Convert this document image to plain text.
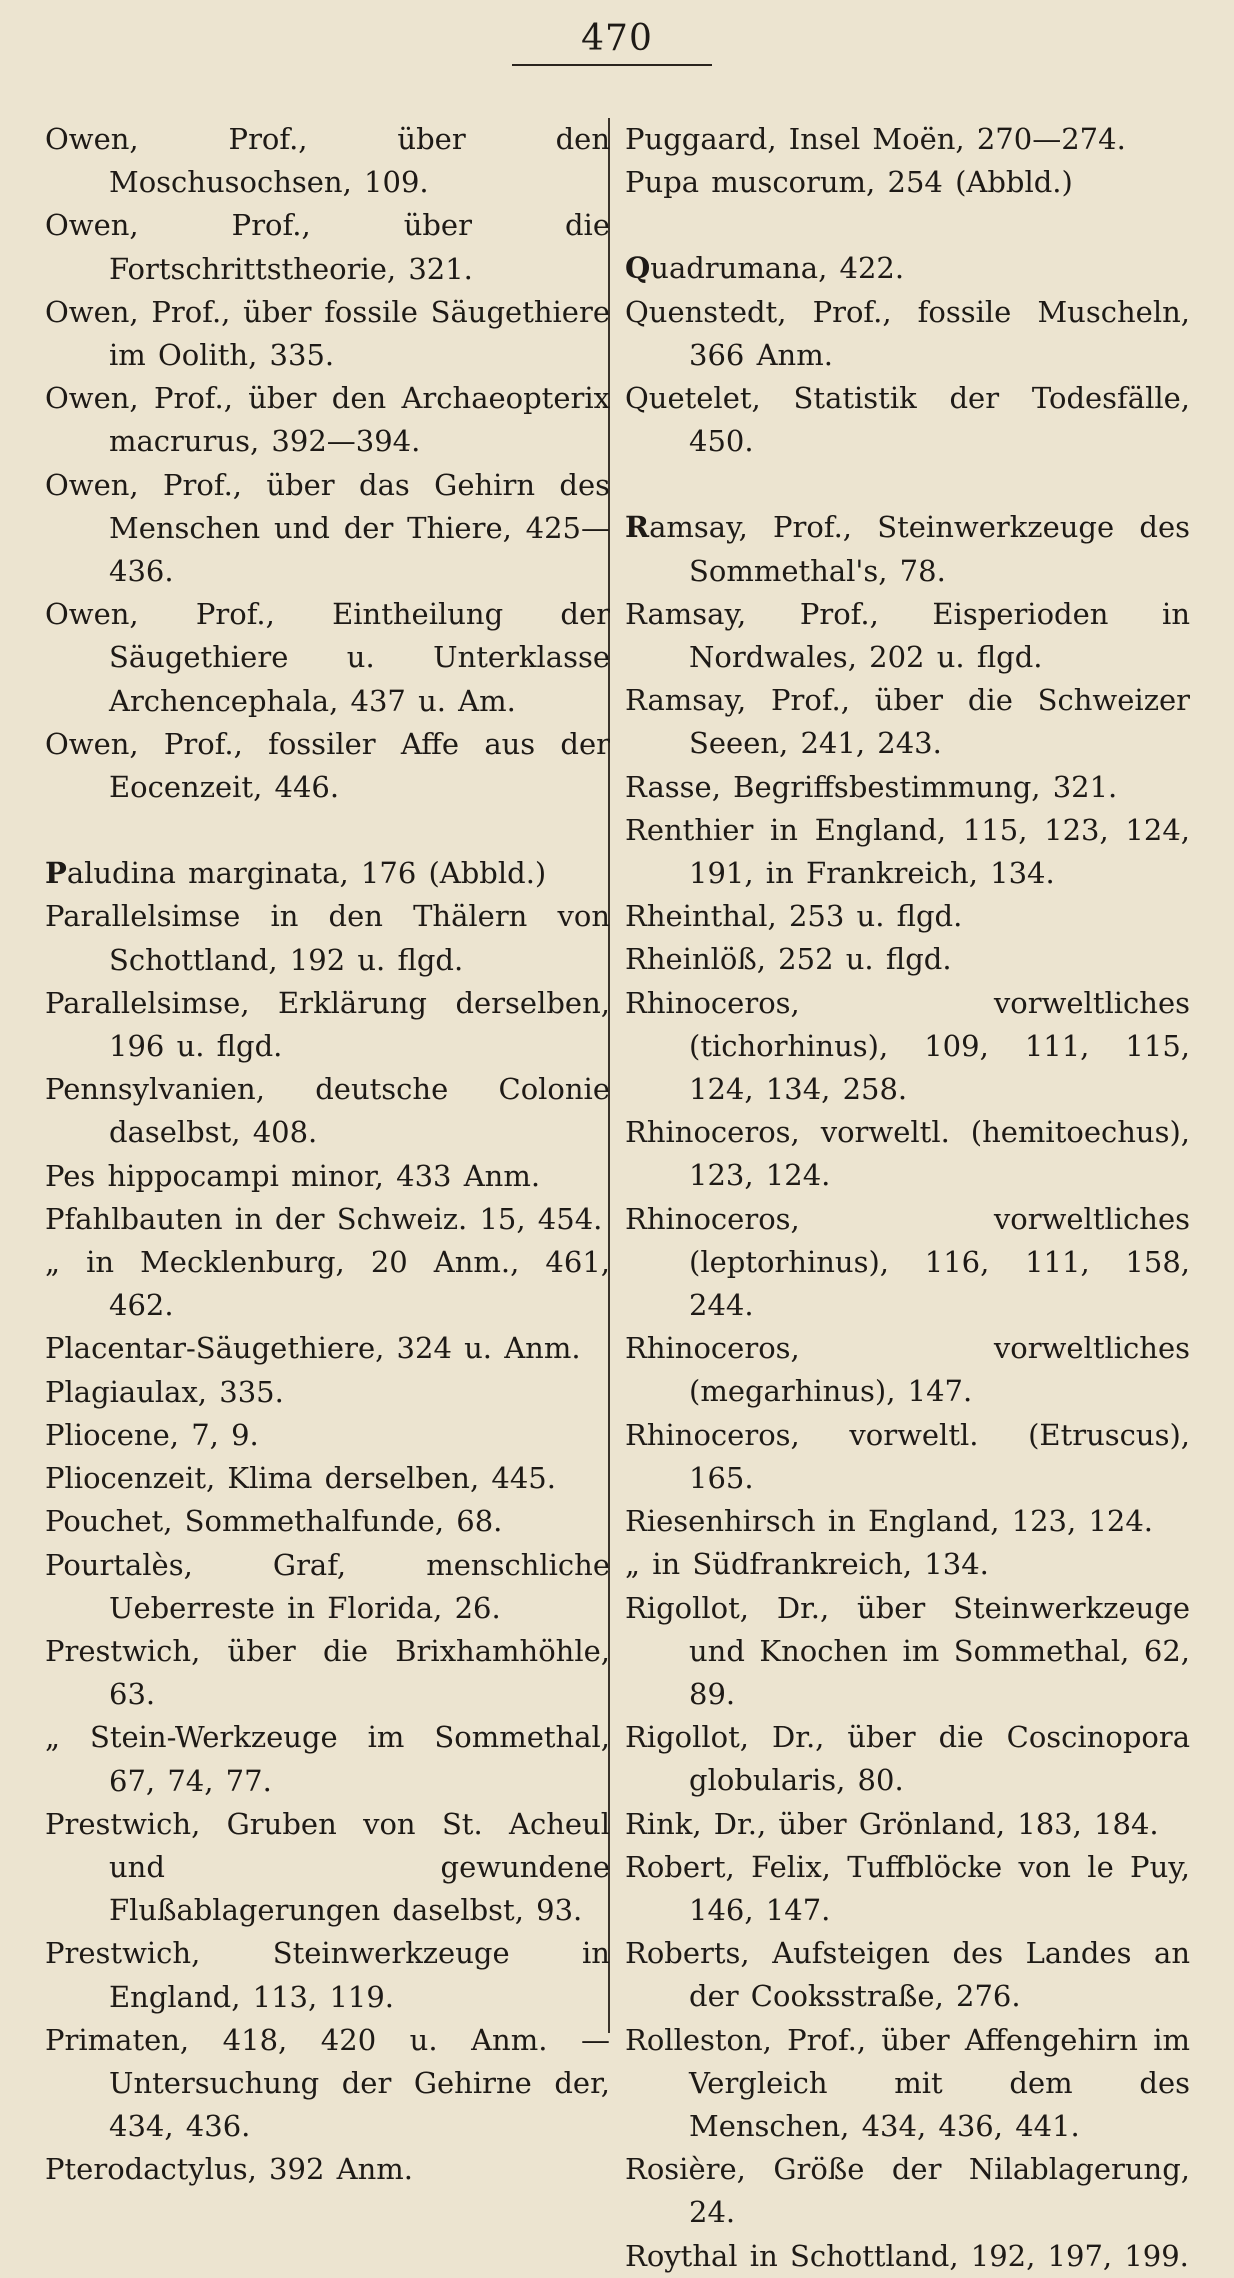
470
Owen, Prof., über den Moschusochsen, 109.
Owen, Prof., über die Fortschrittstheorie, 321.
Owen, Prof., über fossile Säugethiere im Oolith, 335.
Owen, Prof., über den Archaeopterix macrurus, 392—394.
Owen, Prof., über das Gehirn des Menschen und der Thiere, 425—436.
Owen, Prof., Eintheilung der Säugethiere u. Unterklasse Archencephala, 437 u. Am.
Owen, Prof., fossiler Affe aus der Eocenzeit, 446.
Paludina marginata, 176 (Abbld.)
Parallelsimse in den Thälern von Schottland, 192 u. flgd.
Parallelsimse, Erklärung derselben, 196 u. flgd.
Pennsylvanien, deutsche Colonie daselbst, 408.
Pes hippocampi minor, 433 Anm.
Pfahlbauten in der Schweiz. 15, 454.
„ in Mecklenburg, 20 Anm., 461, 462.
Placentar-Säugethiere, 324 u. Anm.
Plagiaulax, 335.
Pliocene, 7, 9.
Pliocenzeit, Klima derselben, 445.
Pouchet, Sommethalfunde, 68.
Pourtalès, Graf, menschliche Ueberreste in Florida, 26.
Prestwich, über die Brixhamhöhle, 63.
„ Stein-Werkzeuge im Sommethal, 67, 74, 77.
Prestwich, Gruben von St. Acheul und gewundene Flußablagerungen daselbst, 93.
Prestwich, Steinwerkzeuge in England, 113, 119.
Primaten, 418, 420 u. Anm. — Untersuchung der Gehirne der, 434, 436.
Pterodactylus, 392 Anm.
Puggaard, Insel Moën, 270—274.
Pupa muscorum, 254 (Abbld.)
Quadrumana, 422.
Quenstedt, Prof., fossile Muscheln, 366 Anm.
Quetelet, Statistik der Todesfälle, 450.
Ramsay, Prof., Steinwerkzeuge des Sommethal's, 78.
Ramsay, Prof., Eisperioden in Nordwales, 202 u. flgd.
Ramsay, Prof., über die Schweizer Seeen, 241, 243.
Rasse, Begriffsbestimmung, 321.
Renthier in England, 115, 123, 124, 191, in Frankreich, 134.
Rheinthal, 253 u. flgd.
Rheinlöß, 252 u. flgd.
Rhinoceros, vorweltliches (tichorhinus), 109, 111, 115, 124, 134, 258.
Rhinoceros, vorweltl. (hemitoechus), 123, 124.
Rhinoceros, vorweltliches (leptorhinus), 116, 111, 158, 244.
Rhinoceros, vorweltliches (megarhinus), 147.
Rhinoceros, vorweltl. (Etruscus), 165.
Riesenhirsch in England, 123, 124.
„ in Südfrankreich, 134.
Rigollot, Dr., über Steinwerkzeuge und Knochen im Sommethal, 62, 89.
Rigollot, Dr., über die Coscinopora globularis, 80.
Rink, Dr., über Grönland, 183, 184.
Robert, Felix, Tuffblöcke von le Puy, 146, 147.
Roberts, Aufsteigen des Landes an der Cooksstraße, 276.
Rolleston, Prof., über Affengehirn im Vergleich mit dem des Menschen, 434, 436, 441.
Rosière, Größe der Nilablagerung, 24.
Roythal in Schottland, 192, 197, 199.
